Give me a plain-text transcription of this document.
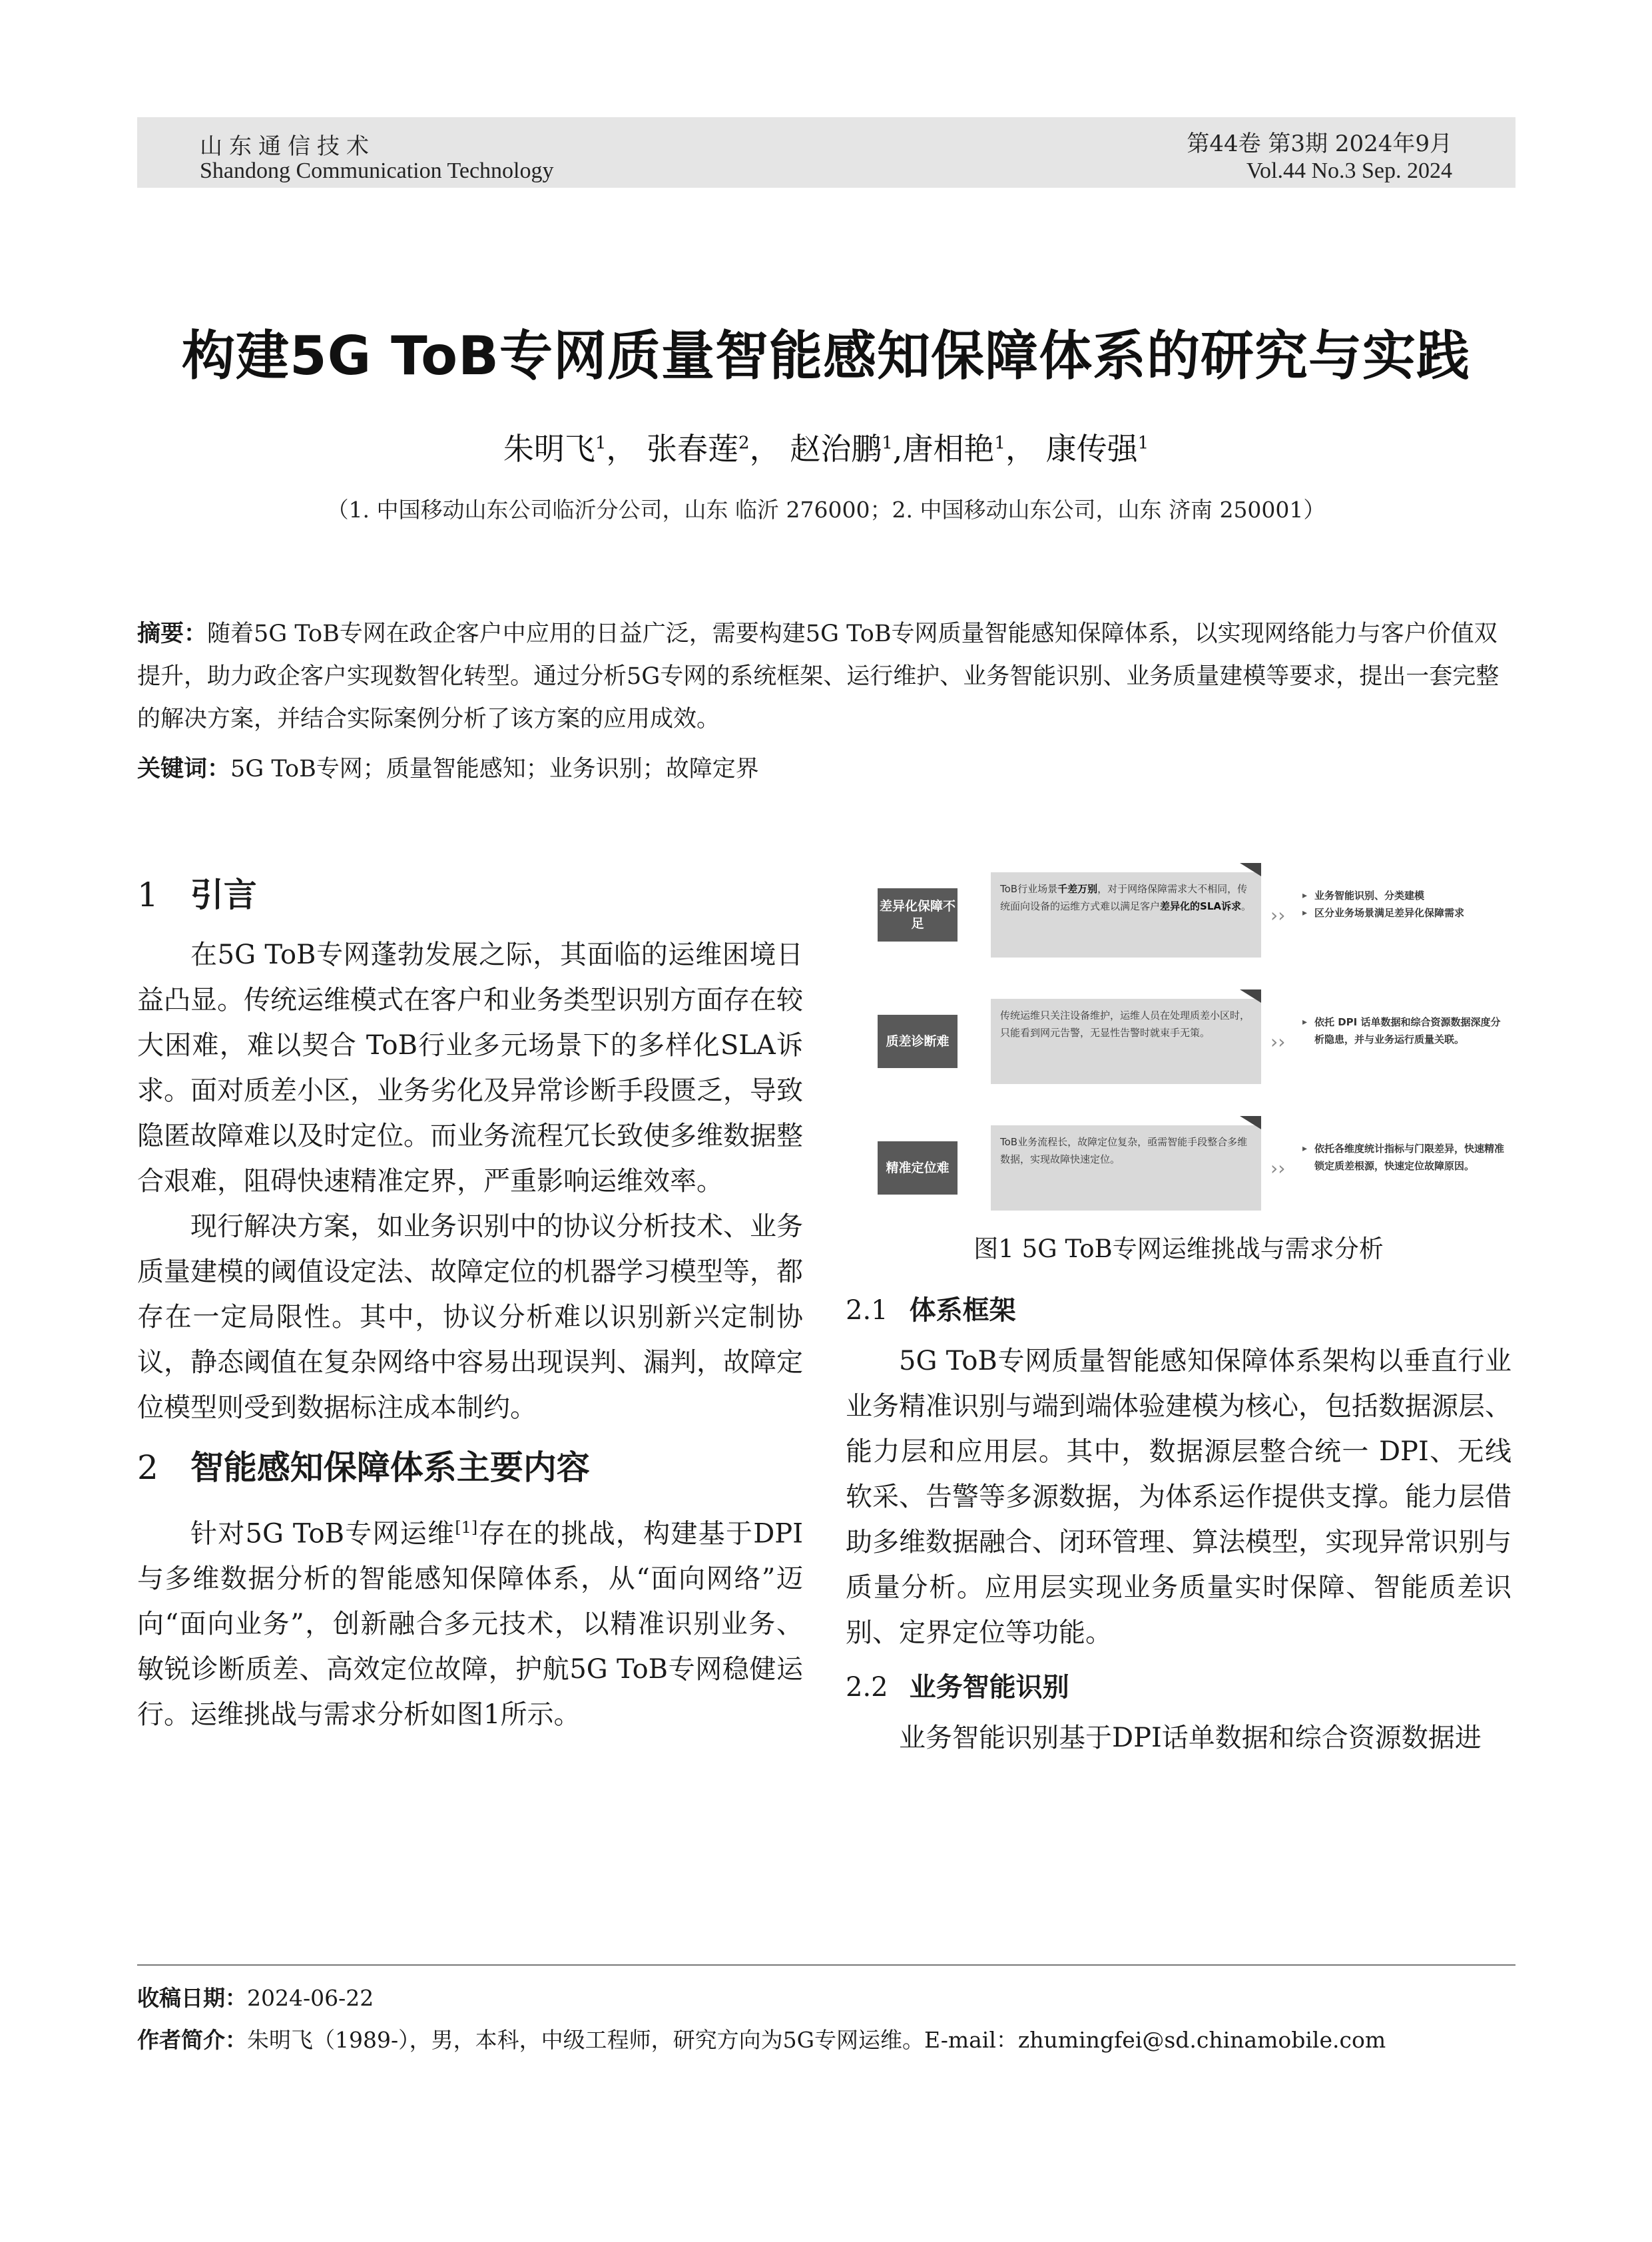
山东通信技术
Shandong Communication Technology
第44卷 第3期 2024年9月
Vol.44 No.3 Sep. 2024
构建5G ToB专网质量智能感知保障体系的研究与实践
朱明飞$^1$， 张春莲$^2$， 赵治鹏$^1$,唐相艳$^1$， 康传强$^1$
（1. 中国移动山东公司临沂分公司，山东 临沂 276000；2. 中国移动山东公司，山东 济南 250001）
摘要：随着5G ToB专网在政企客户中应用的日益广泛，需要构建5G ToB专网质量智能感知保障体系，以实现网络能力与客户价值双提升，助力政企客户实现数智化转型。通过分析5G专网的系统框架、运行维护、业务智能识别、业务质量建模等要求，提出一套完整的解决方案，并结合实际案例分析了该方案的应用成效。
关键词：5G ToB专网；质量智能感知；业务识别；故障定界
1 引言

在5G ToB专网蓬勃发展之际，其面临的运维困境日益凸显。传统运维模式在客户和业务类型识别方面存在较大困难，难以契合 ToB行业多元场景下的多样化SLA诉求。面对质差小区，业务劣化及异常诊断手段匮乏，导致隐匿故障难以及时定位。而业务流程冗长致使多维数据整合艰难，阻碍快速精准定界，严重影响运维效率。

现行解决方案，如业务识别中的协议分析技术、业务质量建模的阈值设定法、故障定位的机器学习模型等，都存在一定局限性。其中，协议分析难以识别新兴定制协议，静态阈值在复杂网络中容易出现误判、漏判，故障定位模型则受到数据标注成本制约。

2 智能感知保障体系主要内容

针对5G ToB专网运维[1]存在的挑战，构建基于DPI与多维数据分析的智能感知保障体系，从“面向网络”迈向“面向业务”，创新融合多元技术，以精准识别业务、敏锐诊断质差、高效定位故障，护航5G ToB专网稳健运行。运维挑战与需求分析如图1所示。

差异化保障不足
ToB行业场景千差万别，对于网络保障需求大不相同，传统面向设备的运维方式难以满足客户差异化的SLA诉求。	››
▸ 业务智能识别、分类建模
▸ 区分业务场景满足差异化保障需求
质差诊断难
传统运维只关注设备维护，运维人员在处理质差小区时，只能看到网元告警，无显性告警时就束手无策。	››
▸ 依托 DPI 话单数据和综合资源数据深度分析隐患，并与业务运行质量关联。
精准定位难
ToB业务流程长，故障定位复杂，亟需智能手段整合多维数据，实现故障快速定位。	››
▸ 依托各维度统计指标与门限差异，快速精准锁定质差根源，快速定位故障原因。
图1 5G ToB专网运维挑战与需求分析
2.1 体系框架

5G ToB专网质量智能感知保障体系架构以垂直行业业务精准识别与端到端体验建模为核心，包括数据源层、能力层和应用层。其中，数据源层整合统一 DPI、无线软采、告警等多源数据，为体系运作提供支撑。能力层借助多维数据融合、闭环管理、算法模型，实现异常识别与质量分析。应用层实现业务质量实时保障、智能质差识别、定界定位等功能。

2.2 业务智能识别

业务智能识别基于DPI话单数据和综合资源数据进

收稿日期：2024-06-22
作者简介：朱明飞（1989-），男，本科，中级工程师，研究方向为5G专网运维。E-mail：zhumingfei@sd.chinamobile.com
